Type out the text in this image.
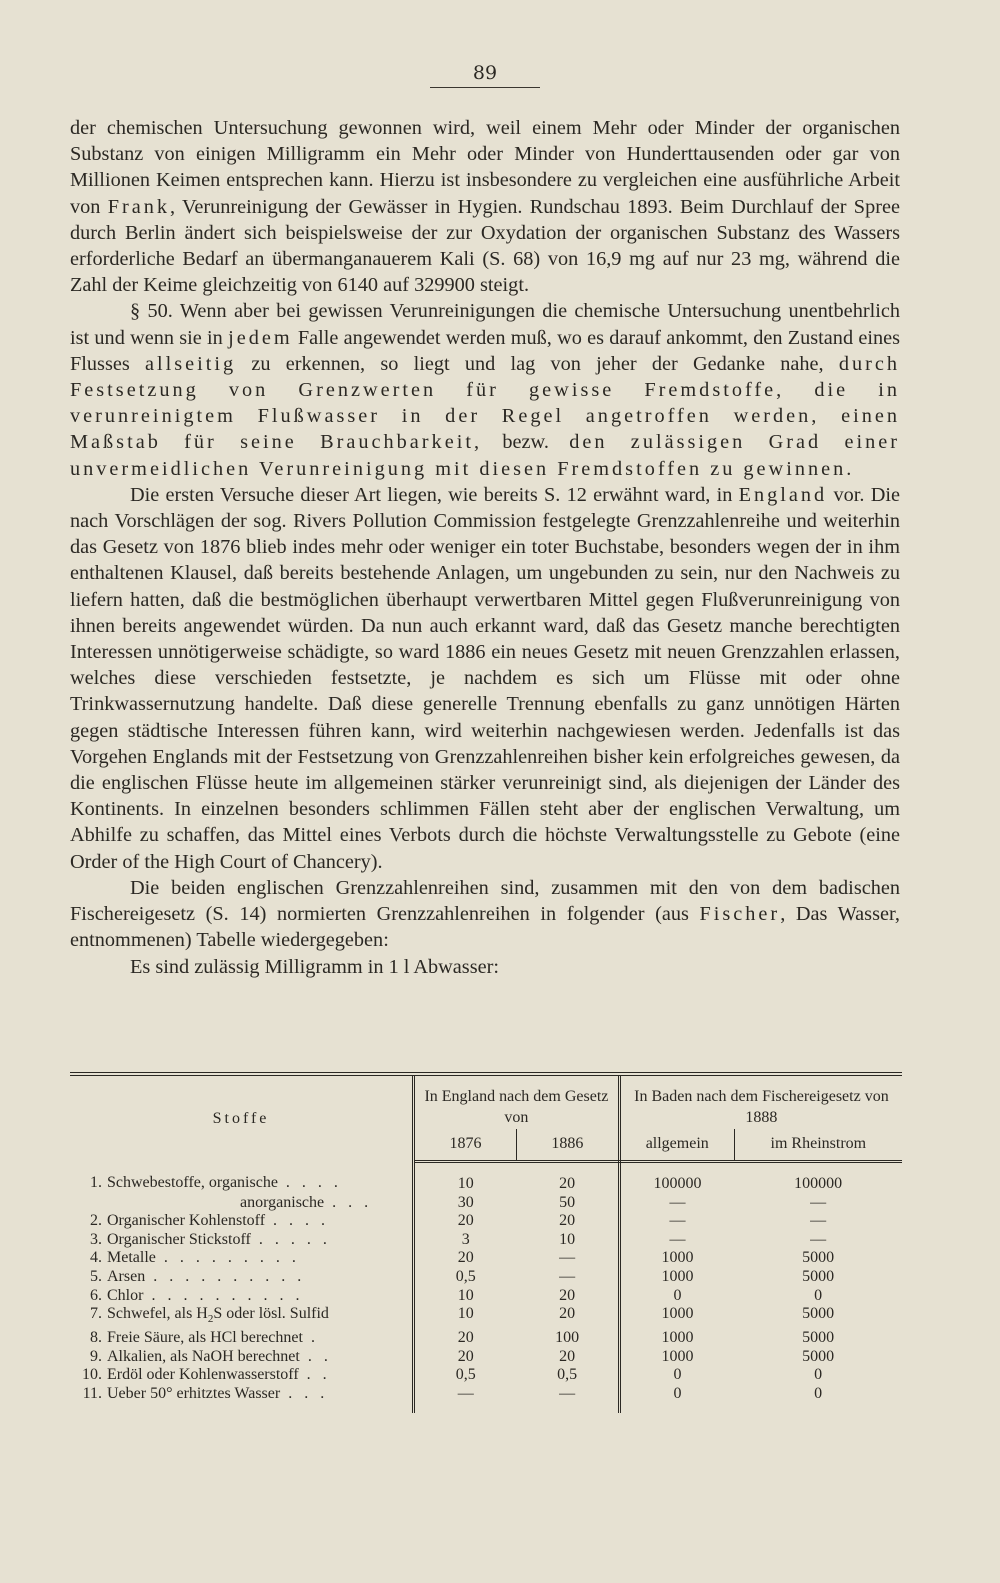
89

der chemischen Untersuchung gewonnen wird, weil einem Mehr oder Minder der organischen Substanz von einigen Milligramm ein Mehr oder Minder von Hunderttausenden oder gar von Millionen Keimen entsprechen kann. Hierzu ist insbesondere zu vergleichen eine ausführliche Arbeit von Frank, Verunreinigung der Gewässer in Hygien. Rundschau 1893. Beim Durchlauf der Spree durch Berlin ändert sich beispielsweise der zur Oxydation der organischen Substanz des Wassers erforderliche Bedarf an übermanganauerem Kali (S. 68) von 16,9 mg auf nur 23 mg, während die Zahl der Keime gleichzeitig von 6140 auf 329900 steigt.

§ 50. Wenn aber bei gewissen Verunreinigungen die chemische Untersuchung unentbehrlich ist und wenn sie in jedem Falle angewendet werden muß, wo es darauf ankommt, den Zustand eines Flusses allseitig zu erkennen, so liegt und lag von jeher der Gedanke nahe, durch Festsetzung von Grenzwerten für gewisse Fremdstoffe, die in verunreinigtem Flußwasser in der Regel angetroffen werden, einen Maßstab für seine Brauchbarkeit, bezw. den zulässigen Grad einer unvermeidlichen Verunreinigung mit diesen Fremdstoffen zu gewinnen.

Die ersten Versuche dieser Art liegen, wie bereits S. 12 erwähnt ward, in England vor. Die nach Vorschlägen der sog. Rivers Pollution Commission festgelegte Grenzzahlenreihe und weiterhin das Gesetz von 1876 blieb indes mehr oder weniger ein toter Buchstabe, besonders wegen der in ihm enthaltenen Klausel, daß bereits bestehende Anlagen, um ungebunden zu sein, nur den Nachweis zu liefern hatten, daß die bestmöglichen überhaupt verwertbaren Mittel gegen Flußverunreinigung von ihnen bereits angewendet würden. Da nun auch erkannt ward, daß das Gesetz manche berechtigten Interessen unnötigerweise schädigte, so ward 1886 ein neues Gesetz mit neuen Grenzzahlen erlassen, welches diese verschieden festsetzte, je nachdem es sich um Flüsse mit oder ohne Trinkwassernutzung handelte. Daß diese generelle Trennung ebenfalls zu ganz unnötigen Härten gegen städtische Interessen führen kann, wird weiterhin nachgewiesen werden. Jedenfalls ist das Vorgehen Englands mit der Festsetzung von Grenzzahlenreihen bisher kein erfolgreiches gewesen, da die englischen Flüsse heute im allgemeinen stärker verunreinigt sind, als diejenigen der Länder des Kontinents. In einzelnen besonders schlimmen Fällen steht aber der englischen Verwaltung, um Abhilfe zu schaffen, das Mittel eines Verbots durch die höchste Verwaltungsstelle zu Gebote (eine Order of the High Court of Chancery).

Die beiden englischen Grenzzahlenreihen sind, zusammen mit den von dem badischen Fischereigesetz (S. 14) normierten Grenzzahlenreihen in folgender (aus Fischer, Das Wasser, entnommenen) Tabelle wiedergegeben:

Es sind zulässig Milligramm in 1 l Abwasser:

Stoffe	In England nach dem Gesetz von		In Baden nach dem Fischereigesetz von 1888	
	1876	1886	allgemein	im Rheinstrom
1. Schwebestoffe, organische . . . .	10	20	100000	100000
anorganische . . .	30	50	—	—
2. Organischer Kohlenstoff . . . .	20	20	—	—
3. Organischer Stickstoff . . . . .	3	10	—	—
4. Metalle . . . . . . . . .	20	—	1000	5000
5. Arsen . . . . . . . . . .	0,5	—	1000	5000
6. Chlor . . . . . . . . . .	10	20	0	0
7. Schwefel, als $H_2S$ oder lösl. Sulfid	10	20	1000	5000
8. Freie Säure, als HCl berechnet .	20	100	1000	5000
9. Alkalien, als NaOH berechnet . .	20	20	1000	5000
10. Erdöl oder Kohlenwasserstoff . .	0,5	0,5	0	0
11. Ueber 50° erhitztes Wasser . . .	—	—	0	0
